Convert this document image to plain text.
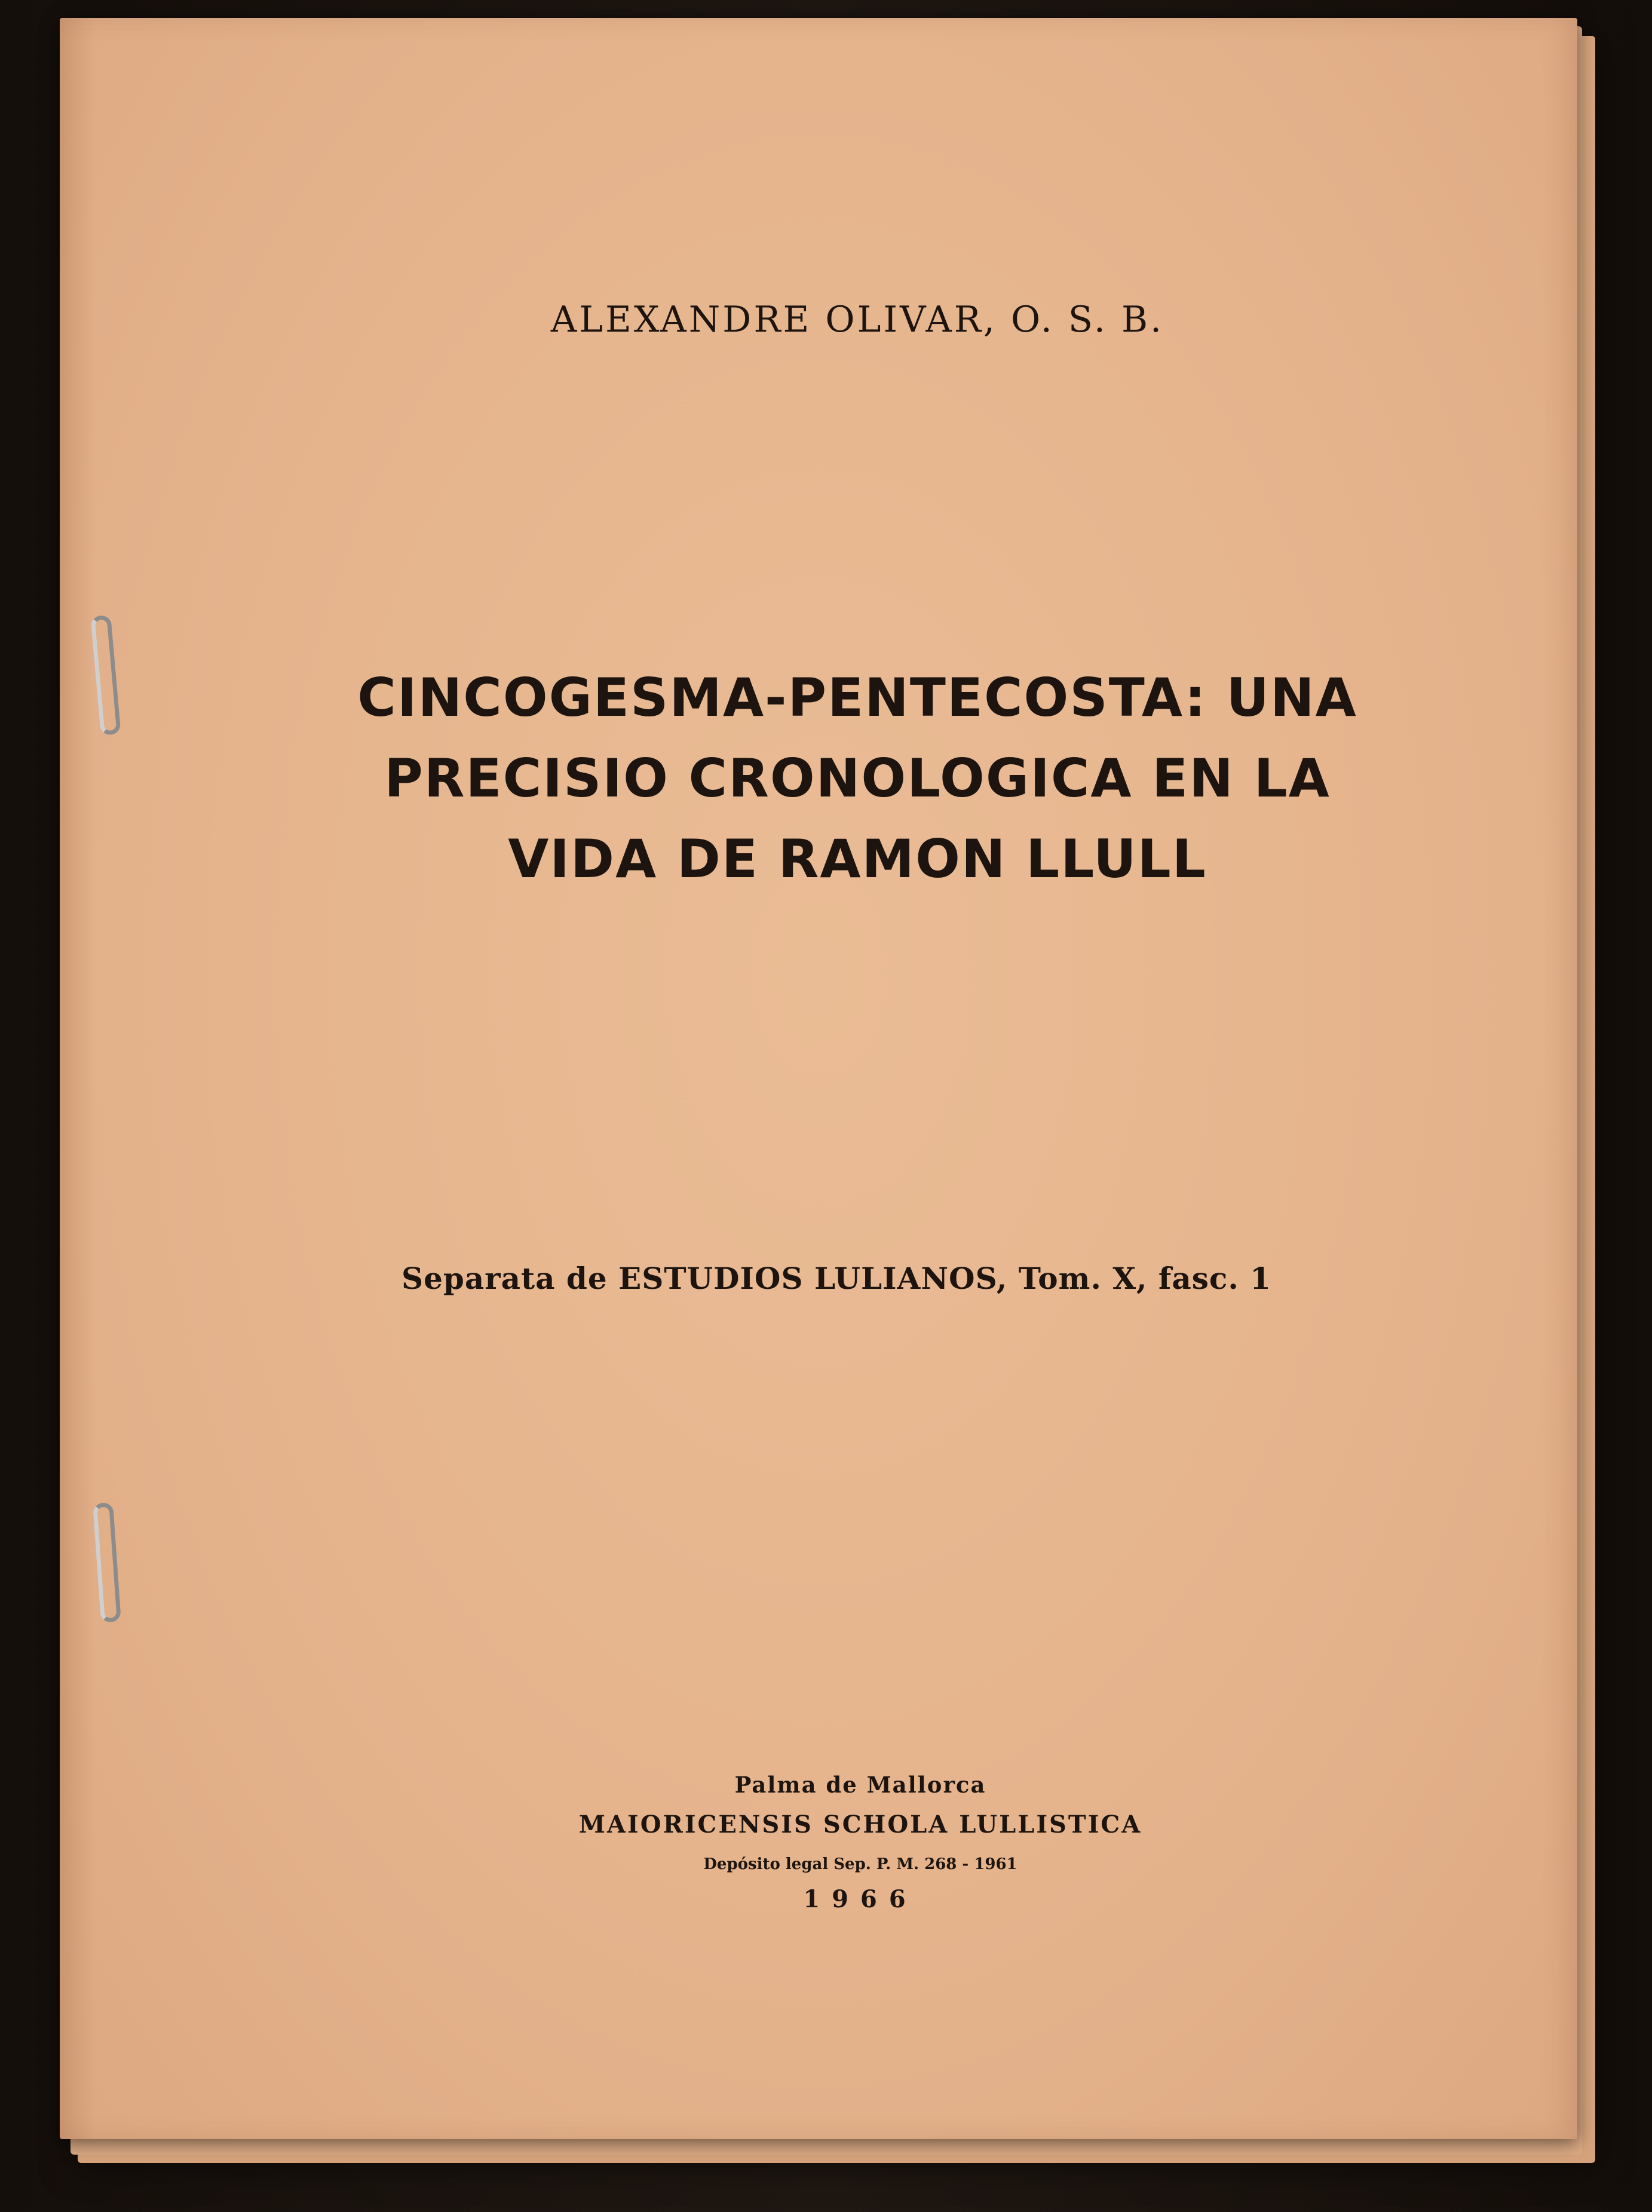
ALEXANDRE OLIVAR, O. S. B.

CINCOGESMA-PENTECOSTA: UNA
PRECISIO CRONOLOGICA EN LA
VIDA DE RAMON LLULL

Separata de ESTUDIOS LULIANOS, Tom. X, fasc. 1

Palma de Mallorca

MAIORICENSIS SCHOLA LULLISTICA

Depósito legal Sep. P. M. 268 - 1961

1966
